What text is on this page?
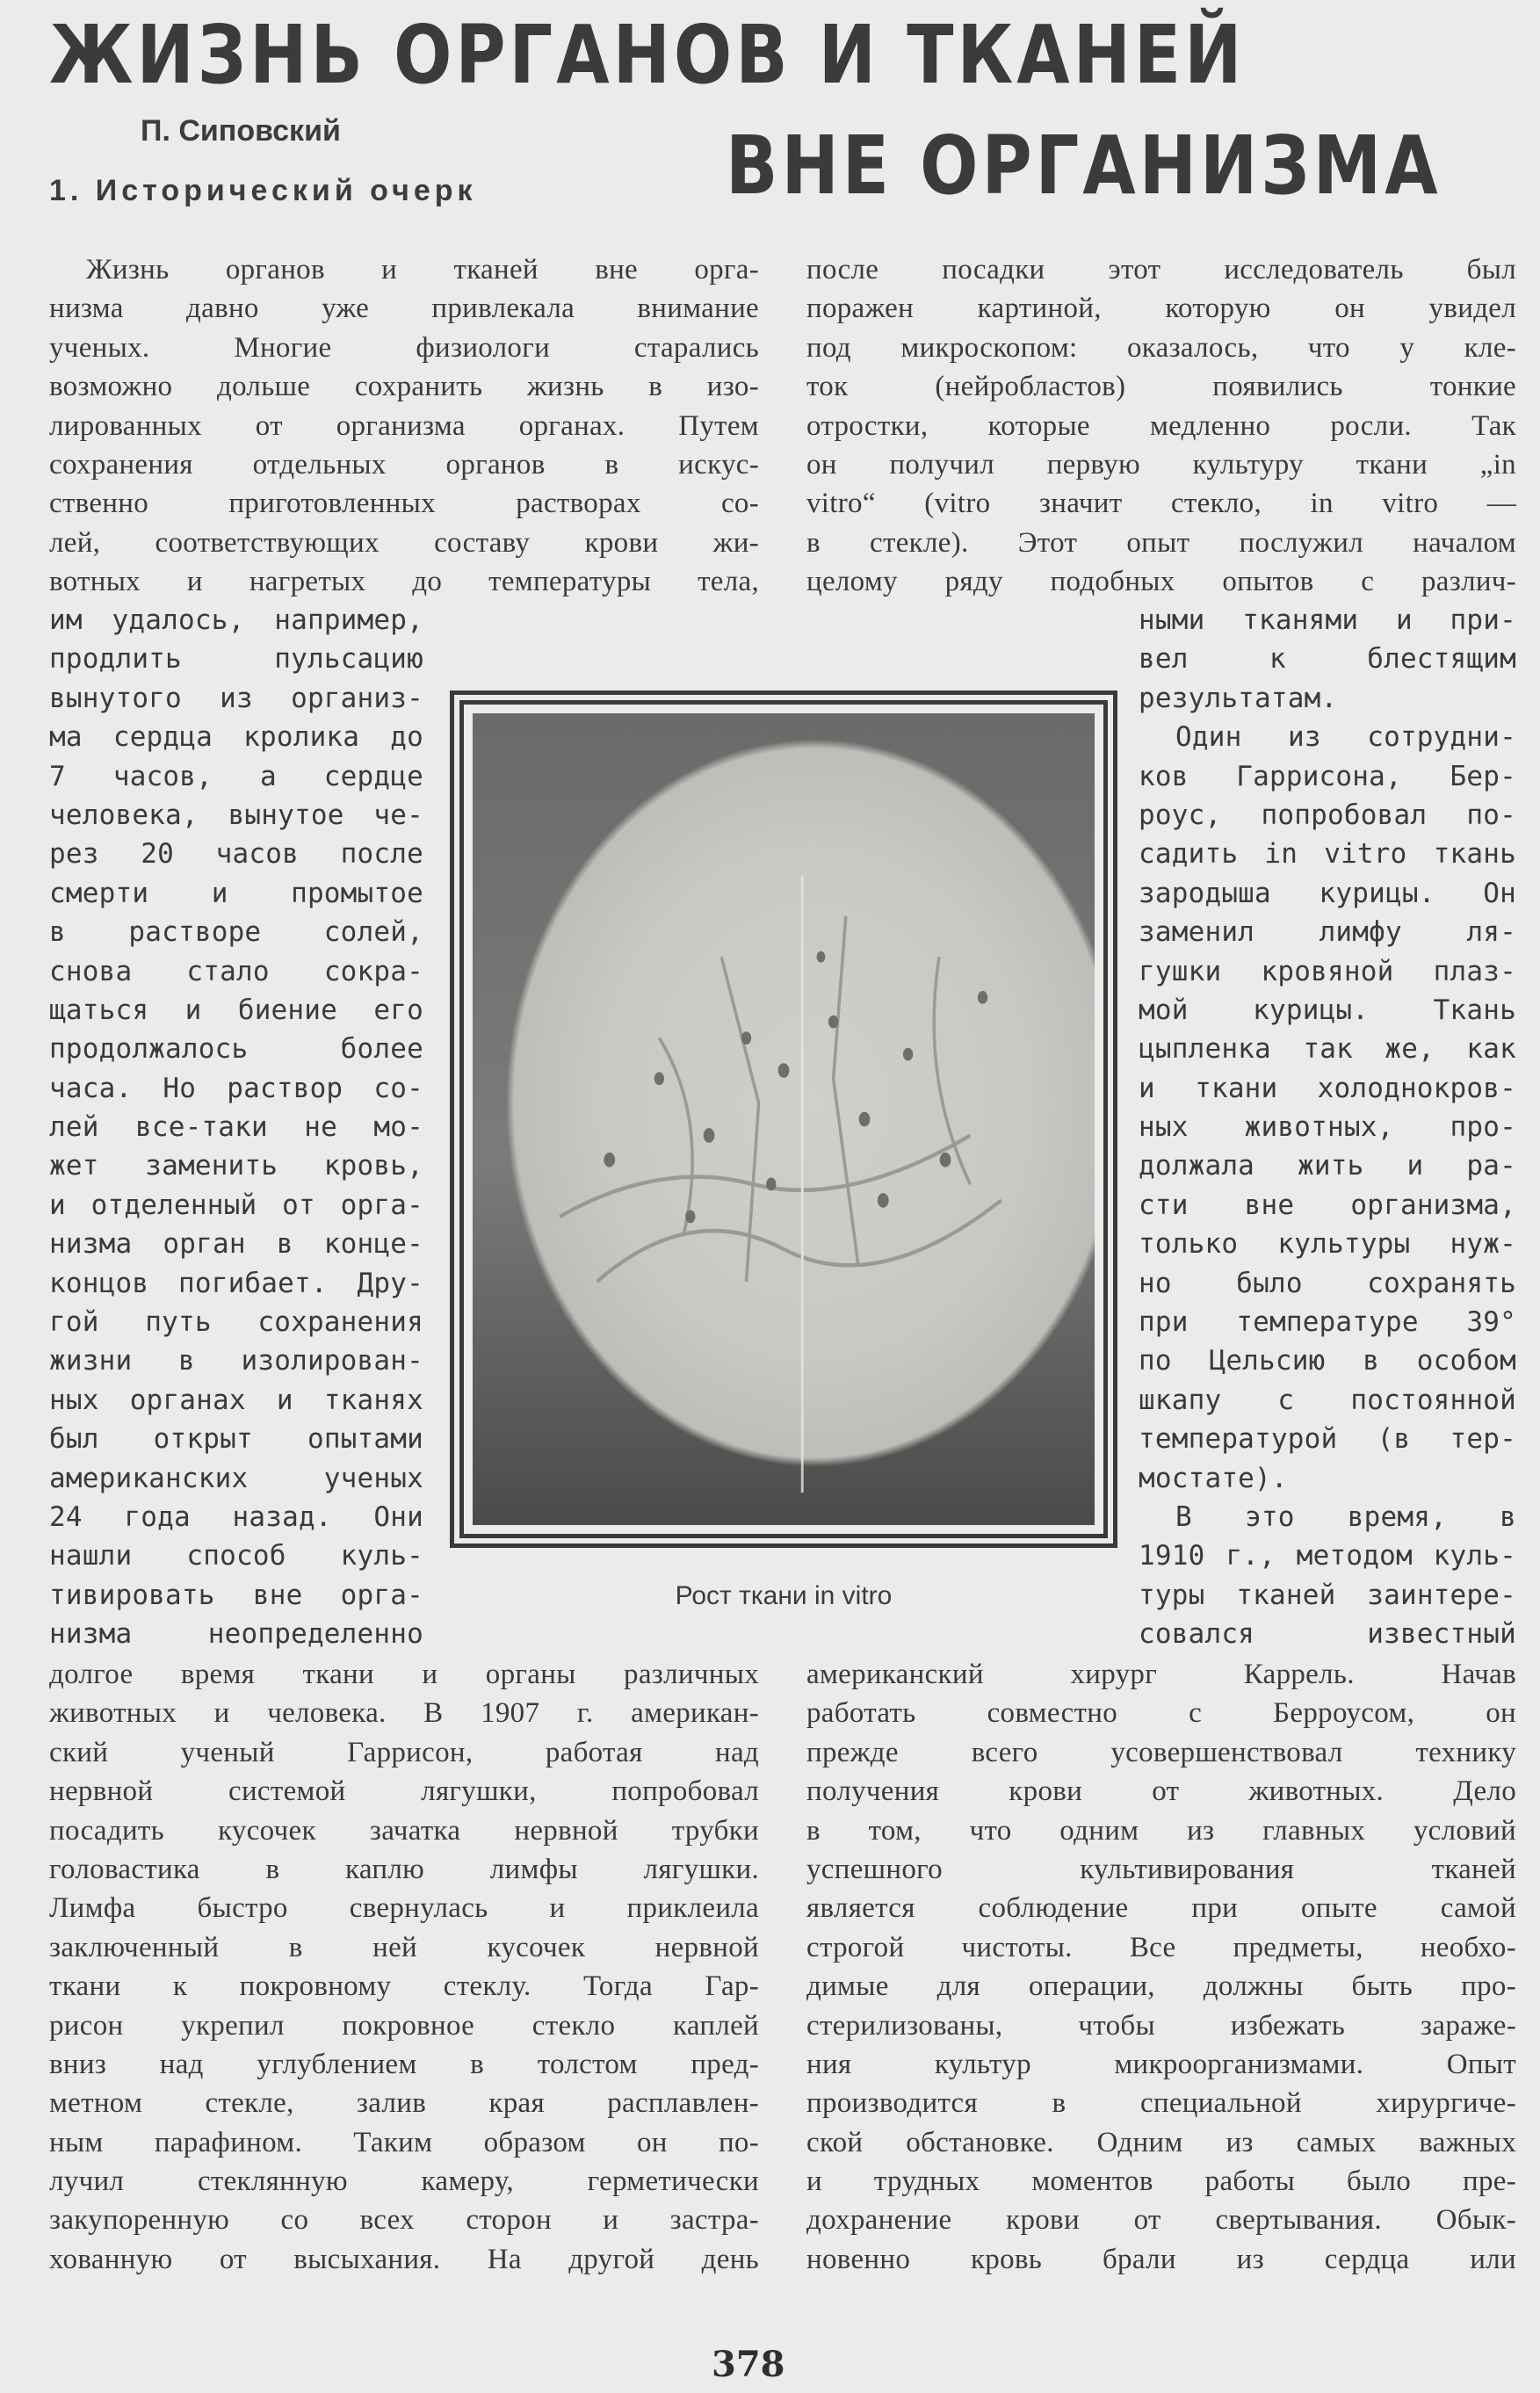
ЖИЗНЬ ОРГАНОВ И ТКАНЕЙ
ВНЕ ОРГАНИЗМА
П. Сиповский
1. Исторический очерк
Жизнь органов и тканей вне орга-
низма давно уже привлекала внимание
ученых. Многие физиологи старались
возможно дольше сохранить жизнь в изо-
лированных от организма органах. Путем
сохранения отдельных органов в искус-
ственно приготовленных растворах со-
лей, соответствующих составу крови жи-
вотных и нагретых до температуры тела,
им удалось, например,
продлить пульсацию
вынутого из организ-
ма сердца кролика до
7 часов, а сердце
человека, вынутое че-
рез 20 часов после
смерти и промытое
в растворе солей,
снова стало сокра-
щаться и биение его
продолжалось более
часа. Но раствор со-
лей все-таки не мо-
жет заменить кровь,
и отделенный от орга-
низма орган в конце-
концов погибает. Дру-
гой путь сохранения
жизни в изолирован-
ных органах и тканях
был открыт опытами
американских ученых
24 года назад. Они
нашли способ куль-
тивировать вне орга-
низма неопределенно
долгое время ткани и органы различных
животных и человека. В 1907 г. американ-
ский ученый Гаррисон, работая над
нервной системой лягушки, попробовал
посадить кусочек зачатка нервной трубки
головастика в каплю лимфы лягушки.
Лимфа быстро свернулась и приклеила
заключенный в ней кусочек нервной
ткани к покровному стеклу. Тогда Гар-
рисон укрепил покровное стекло каплей
вниз над углублением в толстом пред-
метном стекле, залив края расплавлен-
ным парафином. Таким образом он по-
лучил стеклянную камеру, герметически
закупоренную со всех сторон и застра-
хованную от высыхания. На другой день
после посадки этот исследователь был
поражен картиной, которую он увидел
под микроскопом: оказалось, что у кле-
ток (нейробластов) появились тонкие
отростки, которые медленно росли. Так
он получил первую культуру ткани „in
vitro“ (vitro значит стекло, in vitro —
в стекле). Этот опыт послужил началом
целому ряду подобных опытов с различ-
ными тканями и при-
вел к блестящим
результатам.
Один из сотрудни-
ков Гаррисона, Бер-
роус, попробовал по-
садить in vitro ткань
зародыша курицы. Он
заменил лимфу ля-
гушки кровяной плаз-
мой курицы. Ткань
цыпленка так же, как
и ткани холоднокров-
ных животных, про-
должала жить и ра-
сти вне организма,
только культуры нуж-
но было сохранять
при температуре 39°
по Цельсию в особом
шкапу с постоянной
температурой (в тер-
мостате).
В это время, в
1910 г., методом куль-
туры тканей заинтере-
совался известный
американский хирург Каррель. Начав
работать совместно с Берроусом, он
прежде всего усовершенствовал технику
получения крови от животных. Дело
в том, что одним из главных условий
успешного культивирования тканей
является соблюдение при опыте самой
строгой чистоты. Все предметы, необхо-
димые для операции, должны быть про-
стерилизованы, чтобы избежать зараже-
ния культур микроорганизмами. Опыт
производится в специальной хирургиче-
ской обстановке. Одним из самых важных
и трудных моментов работы было пре-
дохранение крови от свертывания. Обык-
новенно кровь брали из сердца или
Рост ткани in vitro
378
